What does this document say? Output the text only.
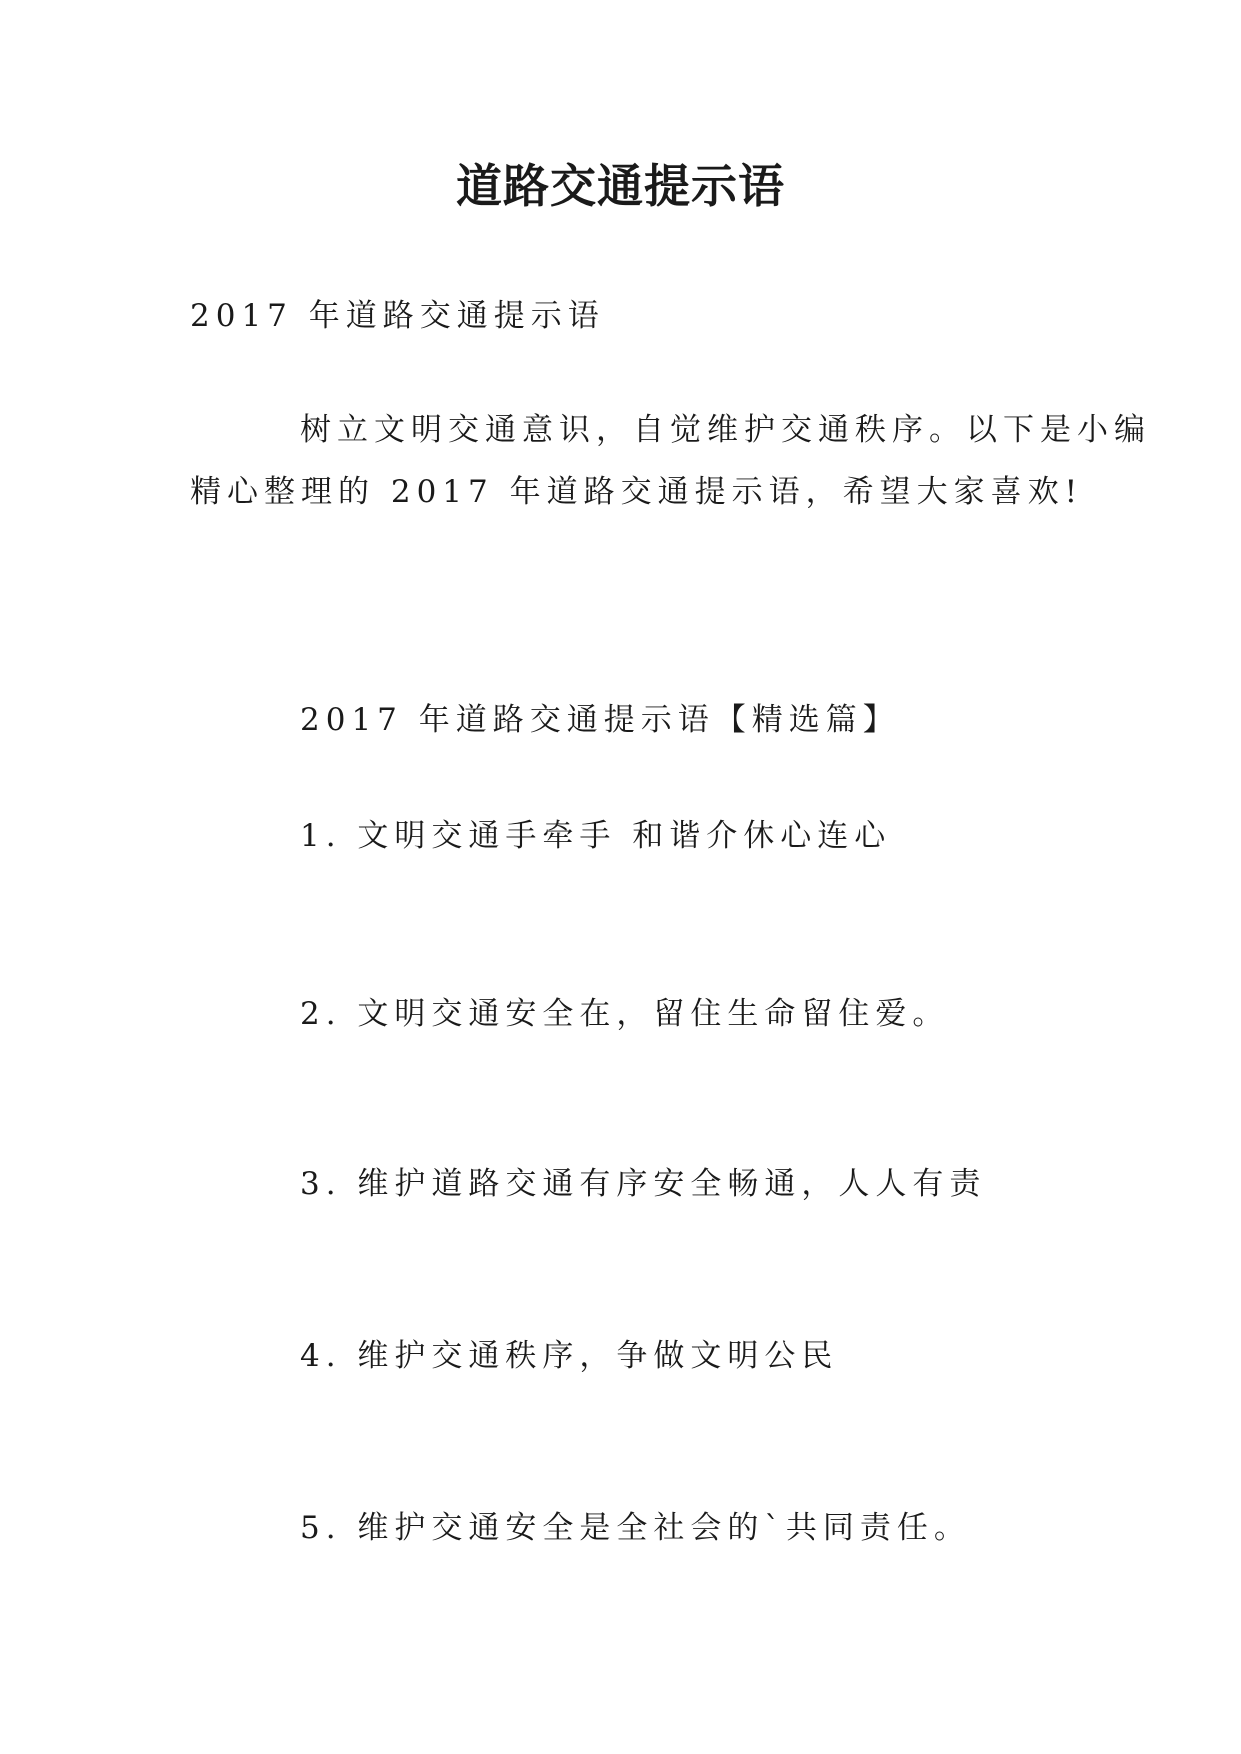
道路交通提示语
2017 年道路交通提示语
树立文明交通意识，自觉维护交通秩序。以下是小编
精心整理的 2017 年道路交通提示语，希望大家喜欢!
2017 年道路交通提示语【精选篇】
1. 文明交通手牵手 和谐介休心连心
2. 文明交通安全在，留住生命留住爱。
3. 维护道路交通有序安全畅通，人人有责
4. 维护交通秩序，争做文明公民
5. 维护交通安全是全社会的`共同责任。
